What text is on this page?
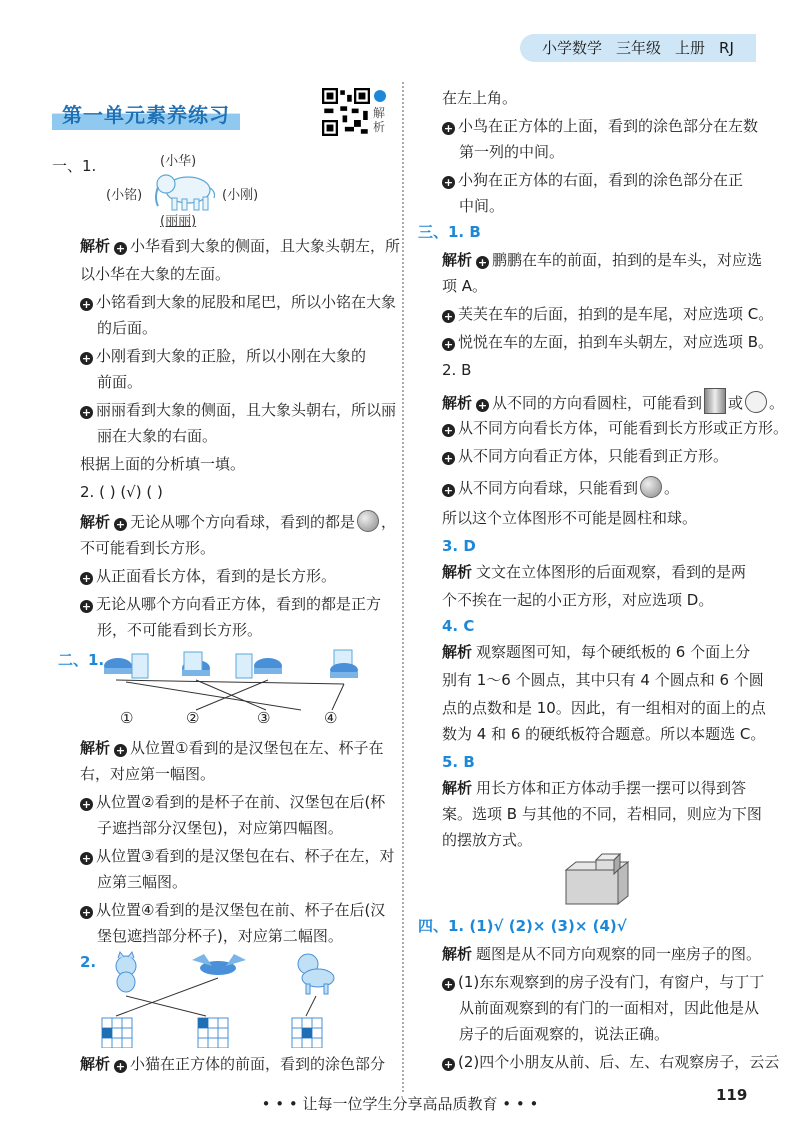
小学数学 三年级 上册 RJ
第一单元素养练习	解析
一、1.	(小华)
(小铭)	(小刚)
(丽丽)
解析 + 小华看到大象的侧面，且大象头朝左，所
以小华在大象的左面。
+ 小铭看到大象的屁股和尾巴，所以小铭在大象
的后面。
+ 小刚看到大象的正脸，所以小刚在大象的
前面。
+ 丽丽看到大象的侧面，且大象头朝右，所以丽
丽在大象的右面。
根据上面的分析填一填。
2. ( ) (√) ( )
解析 + 无论从哪个方向看球，看到的都是 ，
不可能看到长方形。
+ 从正面看长方体，看到的是长方形。
+ 无论从哪个方向看正方体，看到的都是正方
形，不可能看到长方形。
二、1.
①	②	③	④
解析 + 从位置①看到的是汉堡包在左、杯子在
右，对应第一幅图。
+ 从位置②看到的是杯子在前、汉堡包在后(杯
子遮挡部分汉堡包)，对应第四幅图。
+ 从位置③看到的是汉堡包在右、杯子在左，对
应第三幅图。
+ 从位置④看到的是汉堡包在前、杯子在后(汉
堡包遮挡部分杯子)，对应第二幅图。
2.
解析 + 小猫在正方体的前面，看到的涂色部分
在左上角。
+ 小鸟在正方体的上面，看到的涂色部分在左数
第一列的中间。
+ 小狗在正方体的右面，看到的涂色部分在正
中间。
三、1. B
解析 + 鹏鹏在车的前面，拍到的是车头，对应选
项 A。
+ 芙芙在车的后面，拍到的是车尾，对应选项 C。
+ 悦悦在车的左面，拍到车头朝左，对应选项 B。
2. B
解析 + 从不同的方向看圆柱，可能看到 或 。
+ 从不同方向看长方体，可能看到长方形或正方形。
+ 从不同方向看正方体，只能看到正方形。
+ 从不同方向看球，只能看到 。
所以这个立体图形不可能是圆柱和球。
3. D
解析 文文在立体图形的后面观察，看到的是两
个不挨在一起的小正方形，对应选项 D。
4. C
解析 观察题图可知，每个硬纸板的 6 个面上分
别有 1～6 个圆点，其中只有 4 个圆点和 6 个圆
点的点数和是 10。因此，有一组相对的面上的点
数为 4 和 6 的硬纸板符合题意。所以本题选 C。
5. B
解析 用长方体和正方体动手摆一摆可以得到答
案。选项 B 与其他的不同，若相同，则应为下图
的摆放方式。
四、1. (1)√ (2)× (3)× (4)√
解析 题图是从不同方向观察的同一座房子的图。
+ (1)东东观察到的房子没有门，有窗户，与丁丁
从前面观察到的有门的一面相对，因此他是从
房子的后面观察的，说法正确。
+ (2)四个小朋友从前、后、左、右观察房子，云云
• • • 让每一位学生分享高品质教育 • • •	119
